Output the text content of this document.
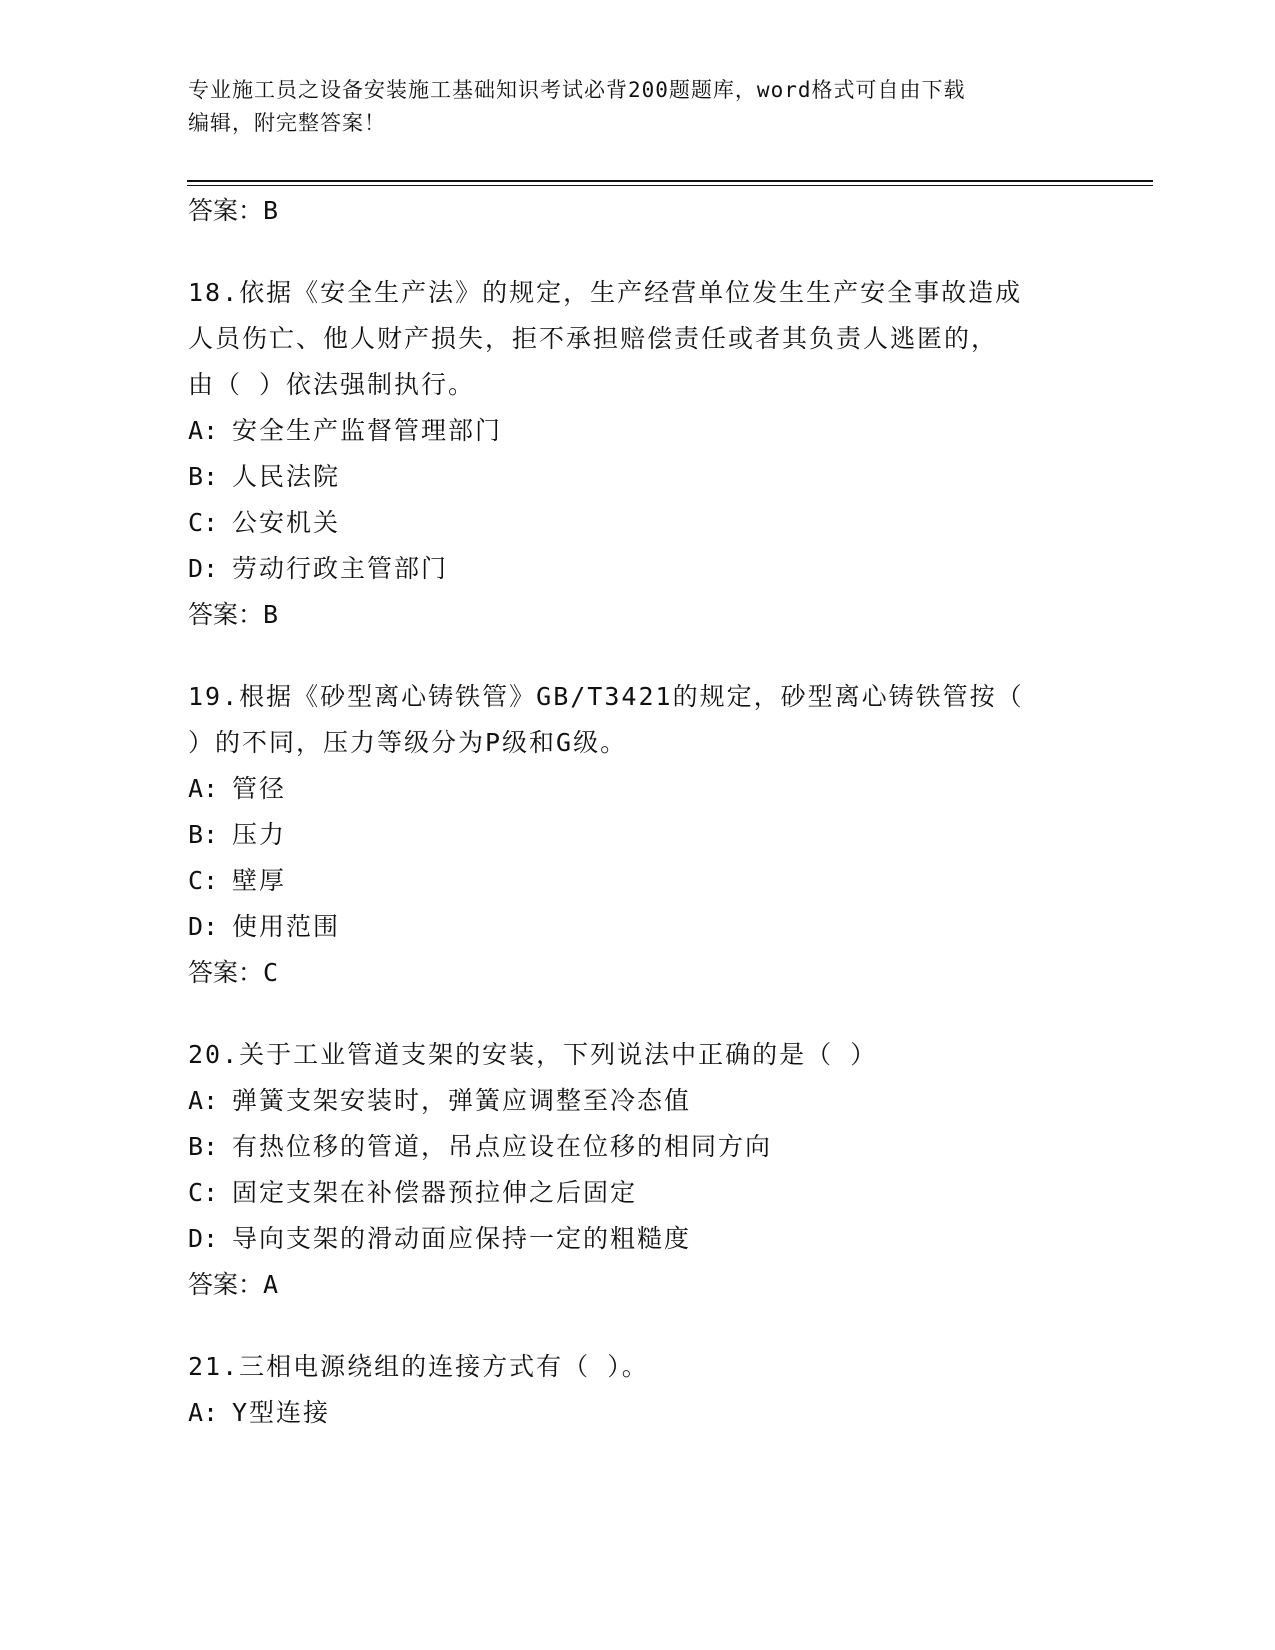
专业施工员之设备安装施工基础知识考试必背200题题库，word格式可自由下载
编辑，附完整答案！
答案：B
18.依据《安全生产法》的规定，生产经营单位发生生产安全事故造成
人员伤亡、他人财产损失，拒不承担赔偿责任或者其负责人逃匿的，
由（ ）依法强制执行。
A: 安全生产监督管理部门
B: 人民法院
C: 公安机关
D: 劳动行政主管部门
答案：B
19.根据《砂型离心铸铁管》GB/T3421的规定，砂型离心铸铁管按（
）的不同，压力等级分为P级和G级。
A: 管径
B: 压力
C: 壁厚
D: 使用范围
答案：C
20.关于工业管道支架的安装，下列说法中正确的是（ ）
A: 弹簧支架安装时，弹簧应调整至冷态值
B: 有热位移的管道，吊点应设在位移的相同方向
C: 固定支架在补偿器预拉伸之后固定
D: 导向支架的滑动面应保持一定的粗糙度
答案：A
21.三相电源绕组的连接方式有（ ）。
A: Y型连接
